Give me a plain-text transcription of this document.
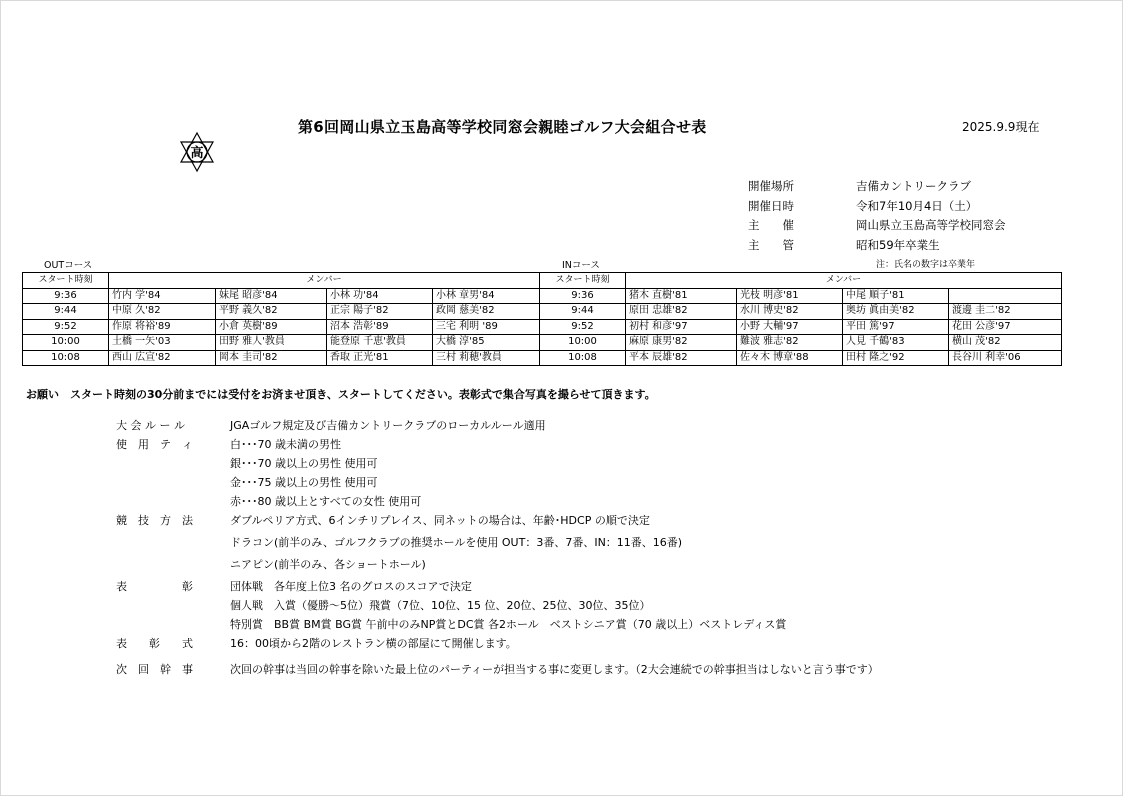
第6回岡山県立玉島高等学校同窓会親睦ゴルフ大会組合せ表	2025.9.9現在
高
開催場所	吉備カントリークラブ
開催日時	令和7年10月4日（土）
主　　催	岡山県立玉島高等学校同窓会
主　　管	昭和59年卒業生
OUTコース	INコース	注：氏名の数字は卒業年
スタート時刻	メンバー				スタート時刻	メンバー			
9:36	竹内 学'84	妹尾 昭彦'84	小林 功'84	小林 章男'84	9:36	猪木 直樹'81	光枝 明彦'81	中尾 順子'81	
9:44	中原 久'82	平野 義久'82	正宗 陽子'82	政岡 慈美'82	9:44	原田 忠雄'82	水川 博史'82	奥坊 眞由美'82	渡邊 圭二'82
9:52	作原 将裕'89	小倉 英樹'89	沼本 浩彰'89	三宅 利明 '89	9:52	初村 和彦'97	小野 大輔'97	平田 篤'97	花田 公彦'97
10:00	土橋 一矢'03	田野 雅人'教員	能登原 千恵'教員	大橋 淳'85	10:00	麻原 康男'82	難波 雅志'82	人見 千鶴'83	横山 茂'82
10:08	西山 広宣'82	岡本 圭司'82	香取 正光'81	三村 莉穂'教員	10:08	平本 辰雄'82	佐々木 博章'88	田村 隆之'92	長谷川 利幸'06
お願い　スタート時刻の30分前までには受付をお済ませ頂き、スタートしてください。表彰式で集合写真を撮らせて頂きます。
大 会 ル ー ル	JGAゴルフ規定及び吉備カントリークラブのローカルルール適用
使　用　テ　ィ	白･･･70 歳未満の男性
銀･･･70 歳以上の男性 使用可
金･･･75 歳以上の男性 使用可
赤･･･80 歳以上とすべての女性 使用可
競　技　方　法	ダブルペリア方式、6インチリプレイス、同ネットの場合は、年齢･HDCP の順で決定
ドラコン(前半のみ、ゴルフクラブの推奨ホールを使用 OUT：3番、7番、IN：11番、16番)
ニアピン(前半のみ、各ショートホール)
表　　　　　彰	団体戦　各年度上位3 名のグロスのスコアで決定
個人戦　入賞（優勝～5位）飛賞（7位、10位、15 位、20位、25位、30位、35位）
特別賞　BB賞 BM賞 BG賞 午前中のみNP賞とDC賞 各2ホール　ベストシニア賞（70 歳以上）ベストレディス賞
表　　彰　　式	16：00頃から2階のレストラン横の部屋にて開催します。
次　回　幹　事	次回の幹事は当回の幹事を除いた最上位のパーティーが担当する事に変更します。（2大会連続での幹事担当はしないと言う事です）
